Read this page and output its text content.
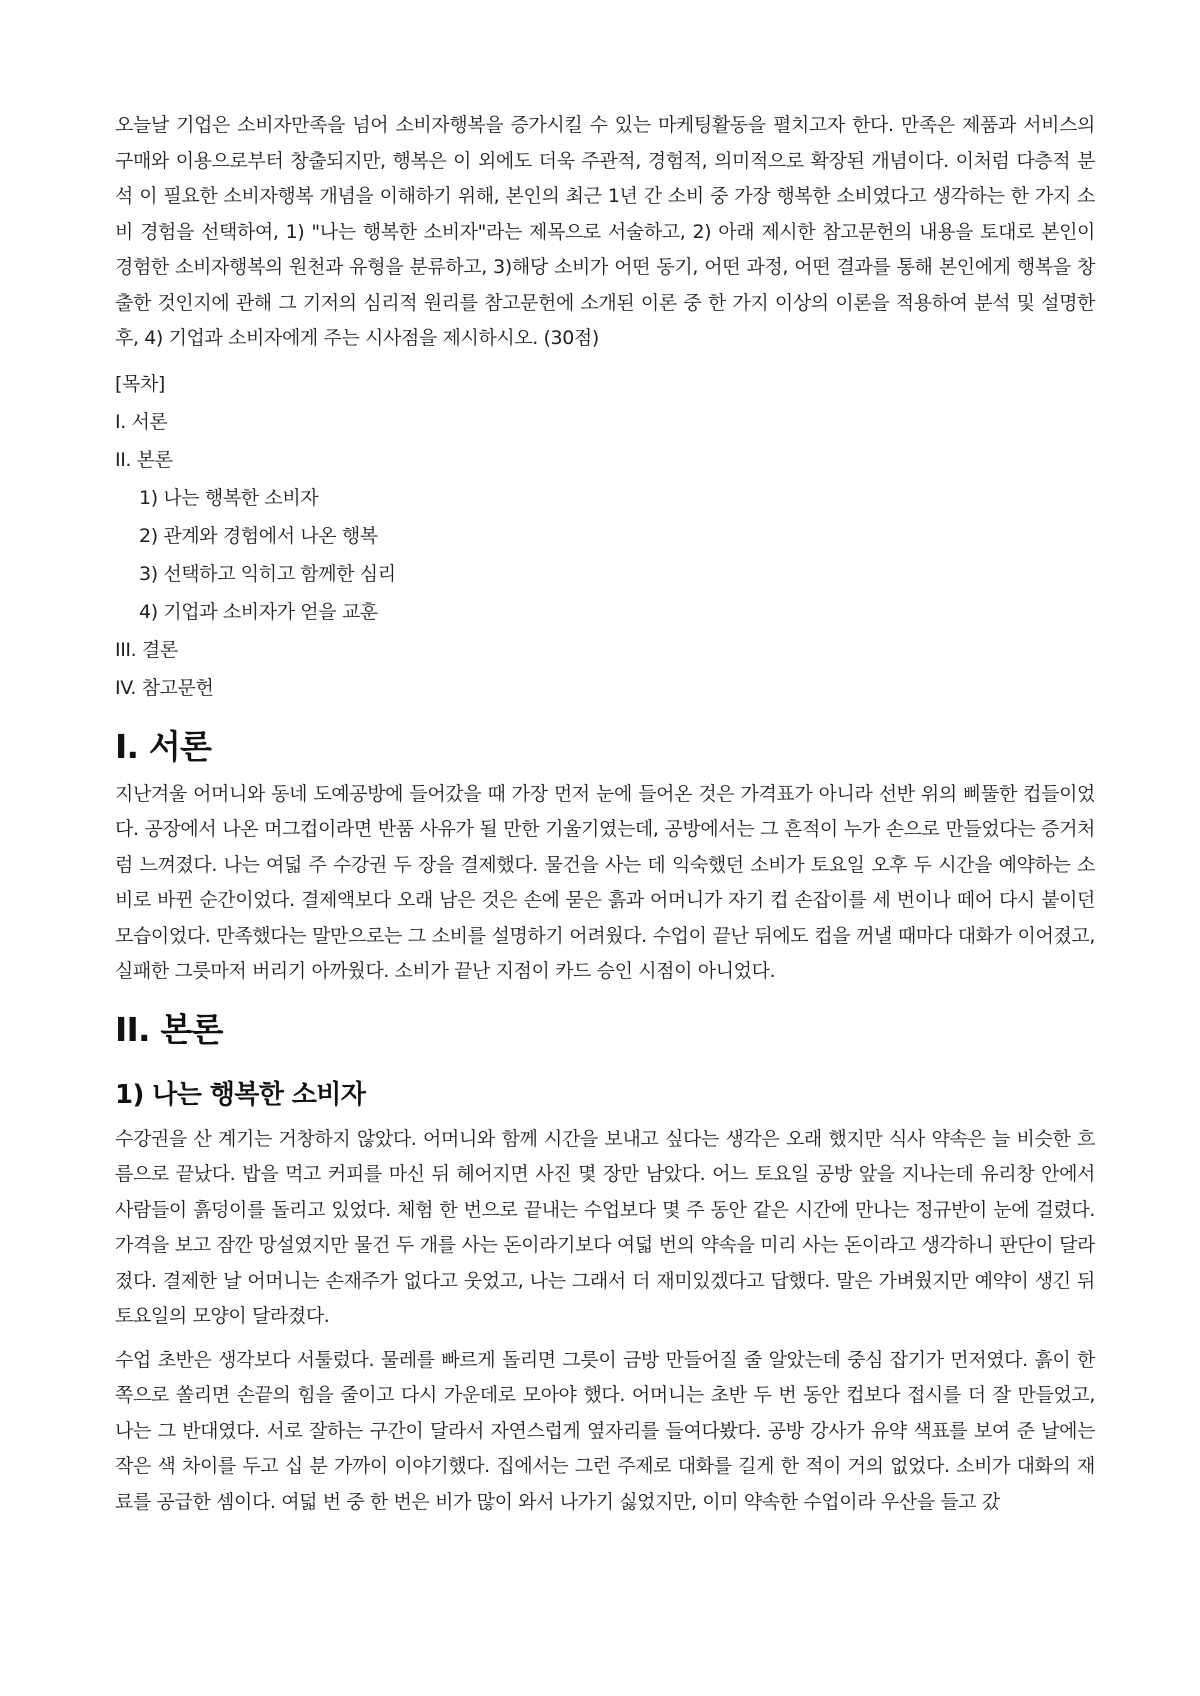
오늘날 기업은 소비자만족을 넘어 소비자행복을 증가시킬 수 있는 마케팅활동을 펼치고자 한다. 만족은 제품과 서비스의 구매와 이용으로부터 창출되지만, 행복은 이 외에도 더욱 주관적, 경험적, 의미적으로 확장된 개념이다. 이처럼 다층적 분석 이 필요한 소비자행복 개념을 이해하기 위해, 본인의 최근 1년 간 소비 중 가장 행복한 소비였다고 생각하는 한 가지 소비 경험을 선택하여, 1) "나는 행복한 소비자"라는 제목으로 서술하고, 2) 아래 제시한 참고문헌의 내용을 토대로 본인이 경험한 소비자행복의 원천과 유형을 분류하고, 3)해당 소비가 어떤 동기, 어떤 과정, 어떤 결과를 통해 본인에게 행복을 창출한 것인지에 관해 그 기저의 심리적 원리를 참고문헌에 소개된 이론 중 한 가지 이상의 이론을 적용하여 분석 및 설명한 후, 4) 기업과 소비자에게 주는 시사점을 제시하시오. (30점)

[목차]
I. 서론
II. 본론
1) 나는 행복한 소비자
2) 관계와 경험에서 나온 행복
3) 선택하고 익히고 함께한 심리
4) 기업과 소비자가 얻을 교훈
III. 결론
IV. 참고문헌
I. 서론

지난겨울 어머니와 동네 도예공방에 들어갔을 때 가장 먼저 눈에 들어온 것은 가격표가 아니라 선반 위의 삐뚤한 컵들이었다. 공장에서 나온 머그컵이라면 반품 사유가 될 만한 기울기였는데, 공방에서는 그 흔적이 누가 손으로 만들었다는 증거처럼 느껴졌다. 나는 여덟 주 수강권 두 장을 결제했다. 물건을 사는 데 익숙했던 소비가 토요일 오후 두 시간을 예약하는 소비로 바뀐 순간이었다. 결제액보다 오래 남은 것은 손에 묻은 흙과 어머니가 자기 컵 손잡이를 세 번이나 떼어 다시 붙이던 모습이었다. 만족했다는 말만으로는 그 소비를 설명하기 어려웠다. 수업이 끝난 뒤에도 컵을 꺼낼 때마다 대화가 이어졌고, 실패한 그릇마저 버리기 아까웠다. 소비가 끝난 지점이 카드 승인 시점이 아니었다.

II. 본론
1) 나는 행복한 소비자

수강권을 산 계기는 거창하지 않았다. 어머니와 함께 시간을 보내고 싶다는 생각은 오래 했지만 식사 약속은 늘 비슷한 흐름으로 끝났다. 밥을 먹고 커피를 마신 뒤 헤어지면 사진 몇 장만 남았다. 어느 토요일 공방 앞을 지나는데 유리창 안에서 사람들이 흙덩이를 돌리고 있었다. 체험 한 번으로 끝내는 수업보다 몇 주 동안 같은 시간에 만나는 정규반이 눈에 걸렸다. 가격을 보고 잠깐 망설였지만 물건 두 개를 사는 돈이라기보다 여덟 번의 약속을 미리 사는 돈이라고 생각하니 판단이 달라졌다. 결제한 날 어머니는 손재주가 없다고 웃었고, 나는 그래서 더 재미있겠다고 답했다. 말은 가벼웠지만 예약이 생긴 뒤 토요일의 모양이 달라졌다.

수업 초반은 생각보다 서툴렀다. 물레를 빠르게 돌리면 그릇이 금방 만들어질 줄 알았는데 중심 잡기가 먼저였다. 흙이 한쪽으로 쏠리면 손끝의 힘을 줄이고 다시 가운데로 모아야 했다. 어머니는 초반 두 번 동안 컵보다 접시를 더 잘 만들었고, 나는 그 반대였다. 서로 잘하는 구간이 달라서 자연스럽게 옆자리를 들여다봤다. 공방 강사가 유약 색표를 보여 준 날에는 작은 색 차이를 두고 십 분 가까이 이야기했다. 집에서는 그런 주제로 대화를 길게 한 적이 거의 없었다. 소비가 대화의 재료를 공급한 셈이다. 여덟 번 중 한 번은 비가 많이 와서 나가기 싫었지만, 이미 약속한 수업이라 우산을 들고 갔
